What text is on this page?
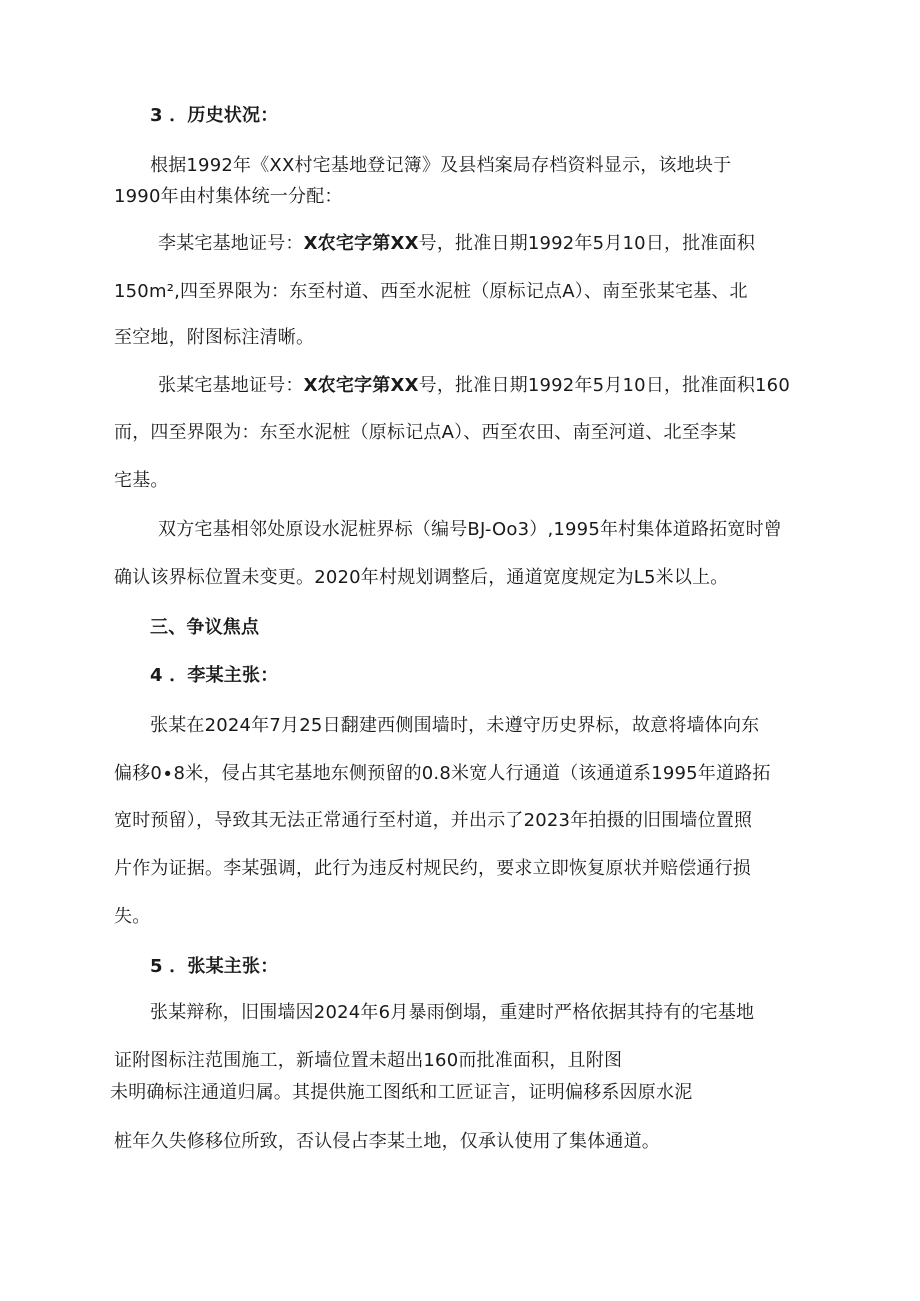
3 ．历史状况：
根据1992年《XX村宅基地登记簿》及县档案局存档资料显示，该地块于
1990年由村集体统一分配：
李某宅基地证号：X农宅字第XX号，批准日期1992年5月10日，批准面积
150m²,四至界限为：东至村道、西至水泥桩（原标记点A）、南至张某宅基、北
至空地，附图标注清晰。
张某宅基地证号：X农宅字第XX号，批准日期1992年5月10日，批准面积160
而，四至界限为：东至水泥桩（原标记点A）、西至农田、南至河道、北至李某
宅基。
双方宅基相邻处原设水泥桩界标（编号BJ-Oo3）,1995年村集体道路拓宽时曾
确认该界标位置未变更。2020年村规划调整后，通道宽度规定为L5米以上。
三、争议焦点
4 ．李某主张：
张某在2024年7月25日翻建西侧围墙时，未遵守历史界标，故意将墙体向东
偏移0∙8米，侵占其宅基地东侧预留的0.8米宽人行通道（该通道系1995年道路拓
宽时预留），导致其无法正常通行至村道，并出示了2023年拍摄的旧围墙位置照
片作为证据。李某强调，此行为违反村规民约，要求立即恢复原状并赔偿通行损
失。
5 ．张某主张：
张某辩称，旧围墙因2024年6月暴雨倒塌，重建时严格依据其持有的宅基地
证附图标注范围施工，新墙位置未超出160而批准面积，且附图
未明确标注通道归属。其提供施工图纸和工匠证言，证明偏移系因原水泥
桩年久失修移位所致，否认侵占李某土地，仅承认使用了集体通道。
